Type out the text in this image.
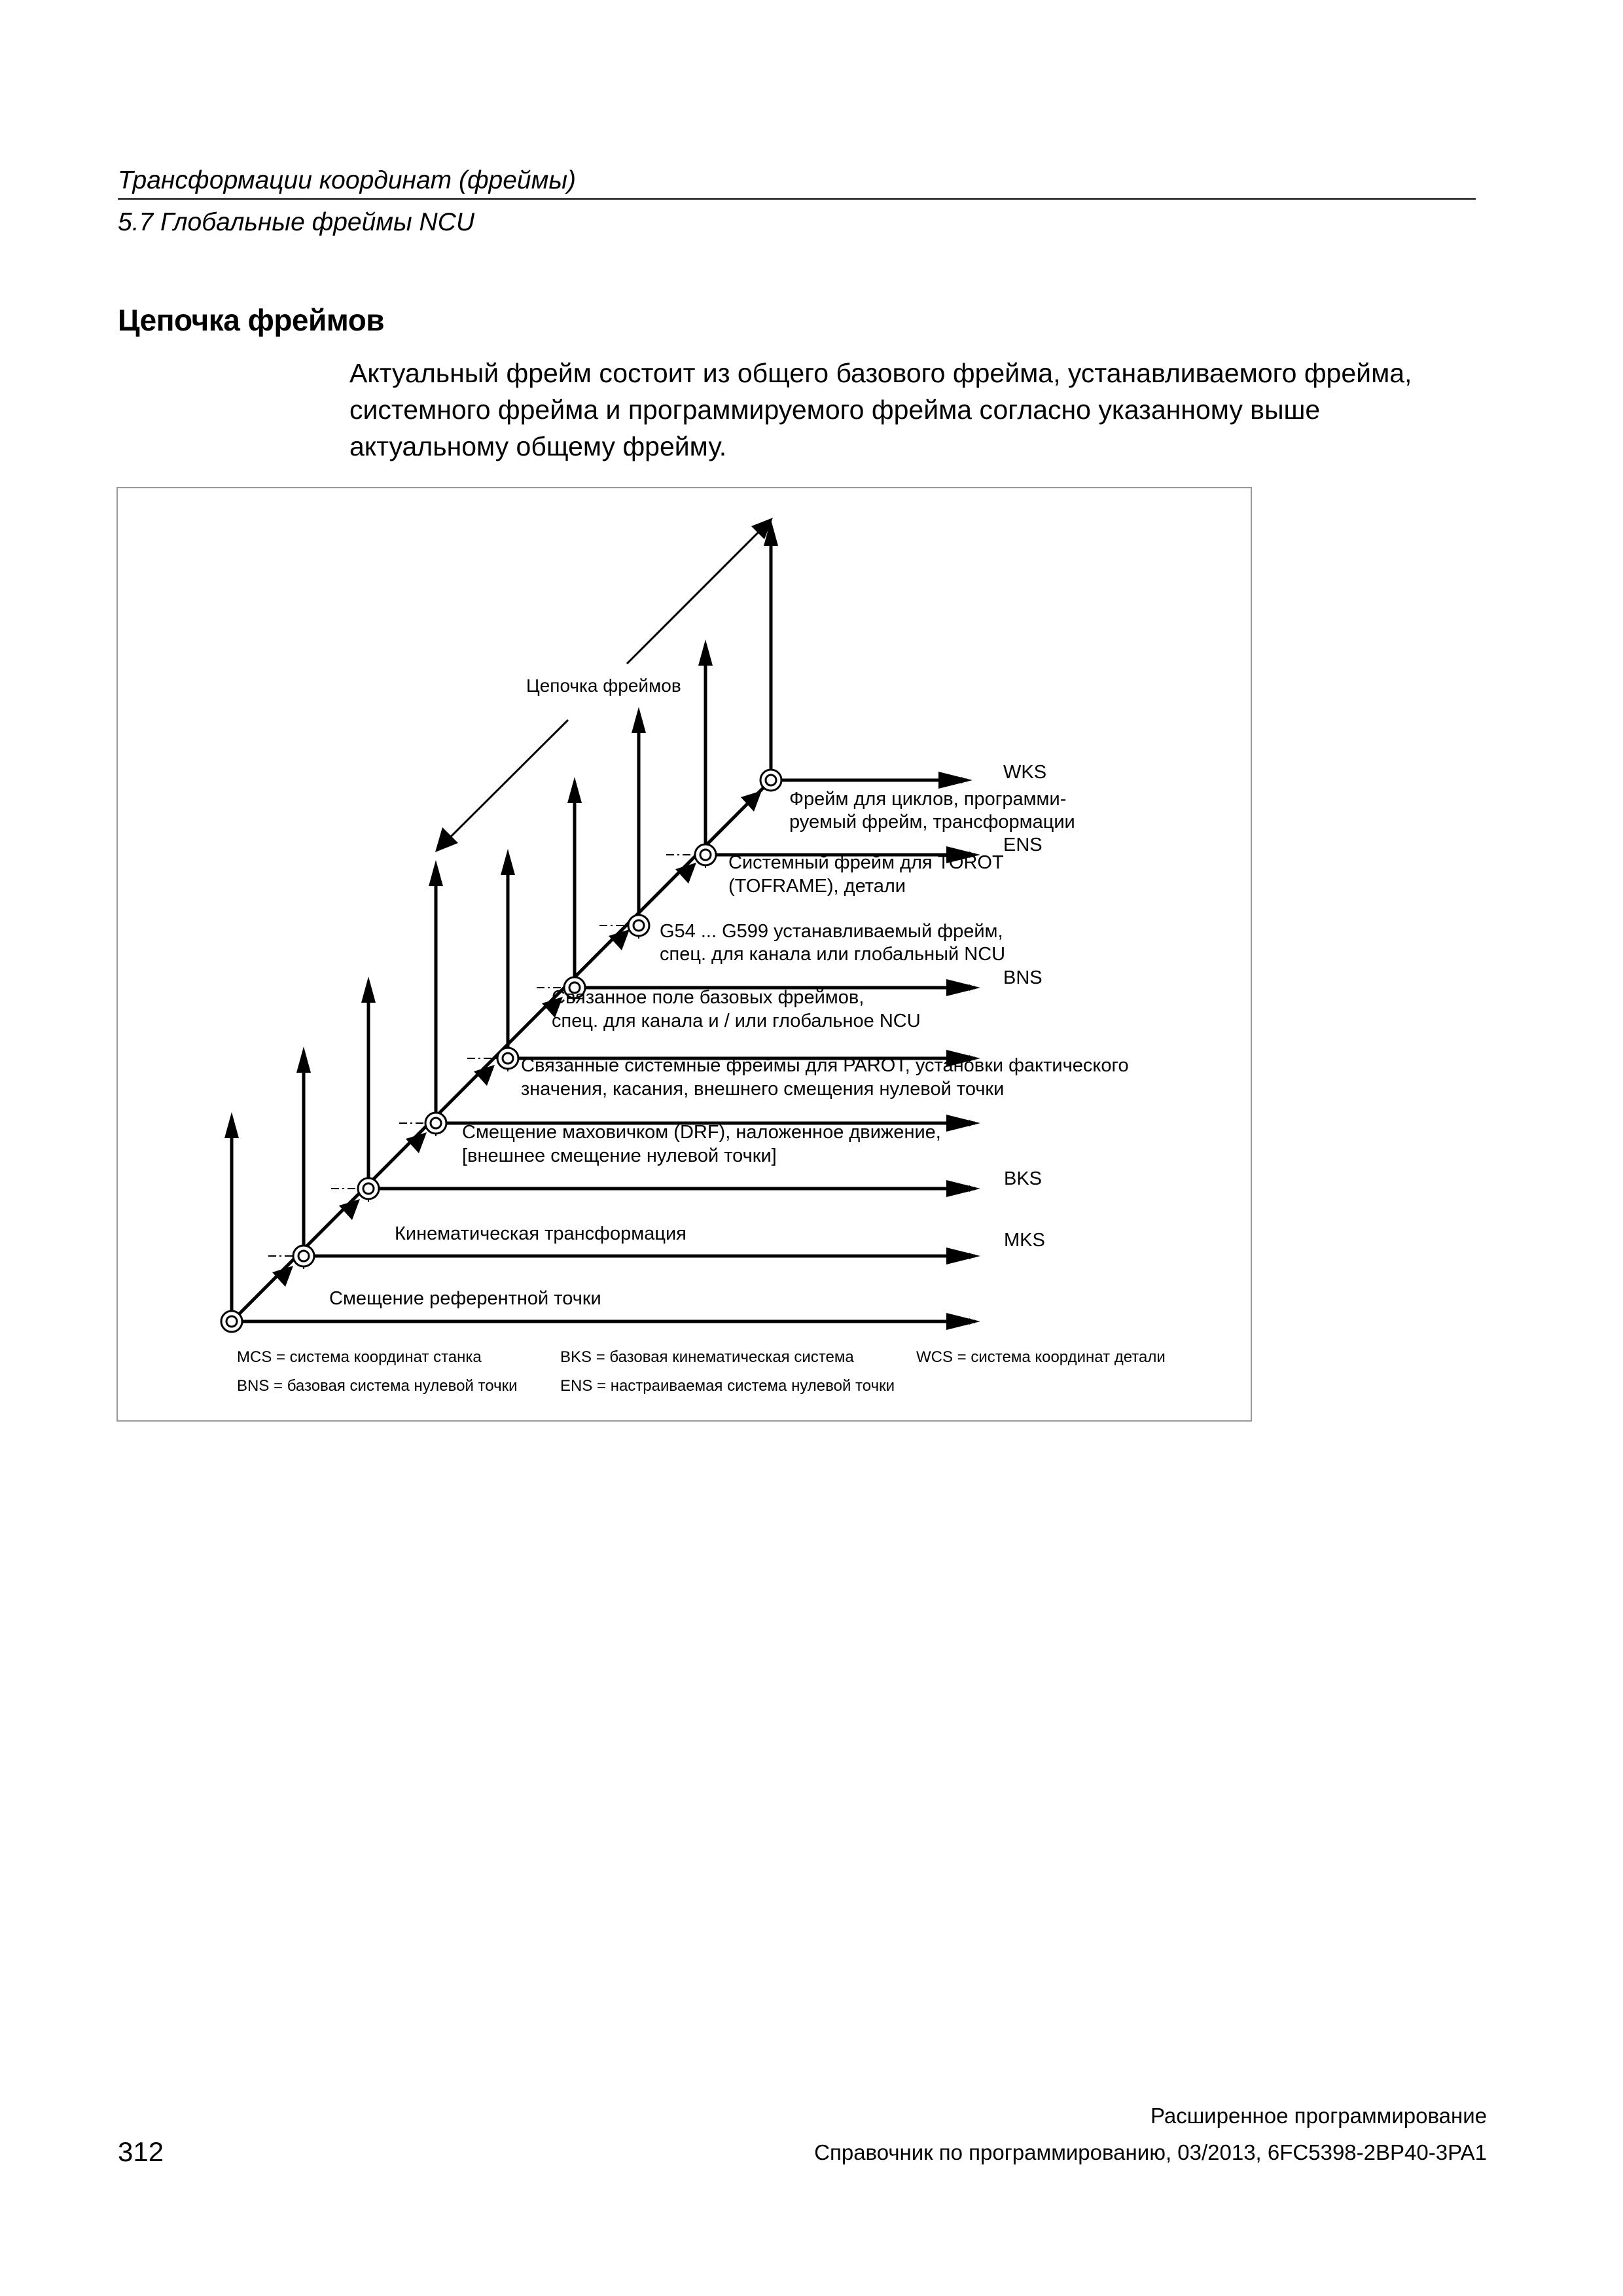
Трансформации координат (фреймы)
5.7 Глобальные фреймы NCU
Цепочка фреймов
Актуальный фрейм состоит из общего базового фрейма, устанавливаемого фрейма,
системного фрейма и программируемого фрейма согласно указанному выше
актуальному общему фрейму.
Цепочка фреймов
Смещение референтной точки
Кинематическая трансформация	MKS
BKS
Смещение маховичком (DRF), наложенное движение,
[внешнее смещение нулевой точки]
Связанные системные фреймы для PAROT, установки фактического
значения, касания, внешнего смещения нулевой точки
Связанное поле базовых фреймов,
спец. для канала и / или глобальное NCU
BNS
G54 ... G599 устанавливаемый фрейм,
спец. для канала или глобальный NCU
Системный фрейм для TOROT
(TOFRAME), детали
ENS
Фрейм для циклов, программи-
руемый фрейм, трансформации
WKS
MCS = система координат станка	BKS = базовая кинематическая система	WCS = система координат детали
BNS = базовая система нулевой точки	ENS = настраиваемая система нулевой точки
Расширенное программирование
312	Справочник по программированию, 03/2013, 6FC5398-2BP40-3PA1
